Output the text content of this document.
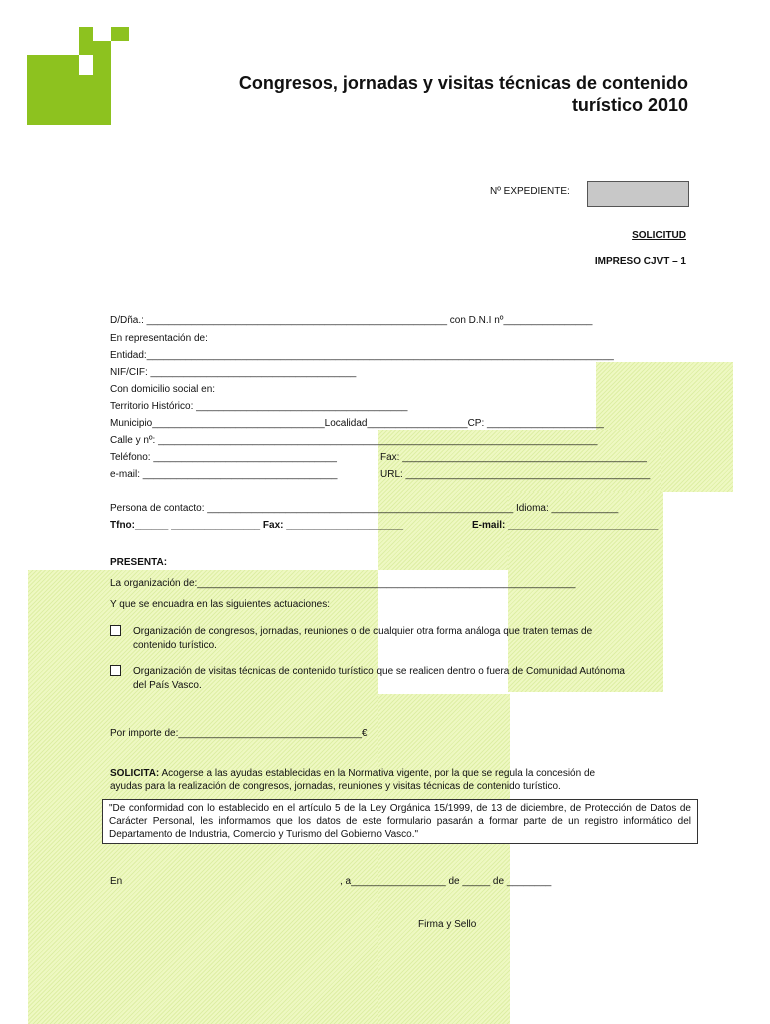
Congresos, jornadas y visitas técnicas de contenido
turístico 2010
Nº EXPEDIENTE:
SOLICITUD
IMPRESO CJVT – 1
D/Dña.: ______________________________________________________ con D.N.I nº________________
En representación de:
Entidad:____________________________________________________________________________________
NIF/CIF: _____________________________________
Con domicilio social en:
Territorio Histórico: ______________________________________
Municipio_______________________________Localidad__________________CP: _____________________
Calle y nº: _______________________________________________________________________________
Teléfono: _________________________________	Fax: ____________________________________________
e-mail: ___________________________________	URL: ____________________________________________
Persona de contacto: _______________________________________________________ Idioma: ____________
Tfno:______ ________________ Fax: _____________________	E-mail: ___________________________
PRESENTA:
La organización de:____________________________________________________________________
Y que se encuadra en las siguientes actuaciones:
Organización de congresos, jornadas, reuniones o de cualquier otra forma análoga que traten temas de
contenido turístico.
Organización de visitas técnicas de contenido turístico que se realicen dentro o fuera de Comunidad Autónoma
del País Vasco.
Por importe de:_________________________________€
SOLICITA: Acogerse a las ayudas establecidas en la Normativa vigente, por la que se regula la concesión de
ayudas para la realización de congresos, jornadas, reuniones y visitas técnicas de contenido turístico.
"De conformidad con lo establecido en el artículo 5 de la Ley Orgánica 15/1999, de 13 de diciembre, de Protección de Datos de Carácter Personal, les informamos que los datos de este formulario pasarán a formar parte de un registro informático del Departamento de Industria, Comercio y Turismo del Gobierno Vasco."
En	, a_________________ de _____ de ________
Firma y Sello
